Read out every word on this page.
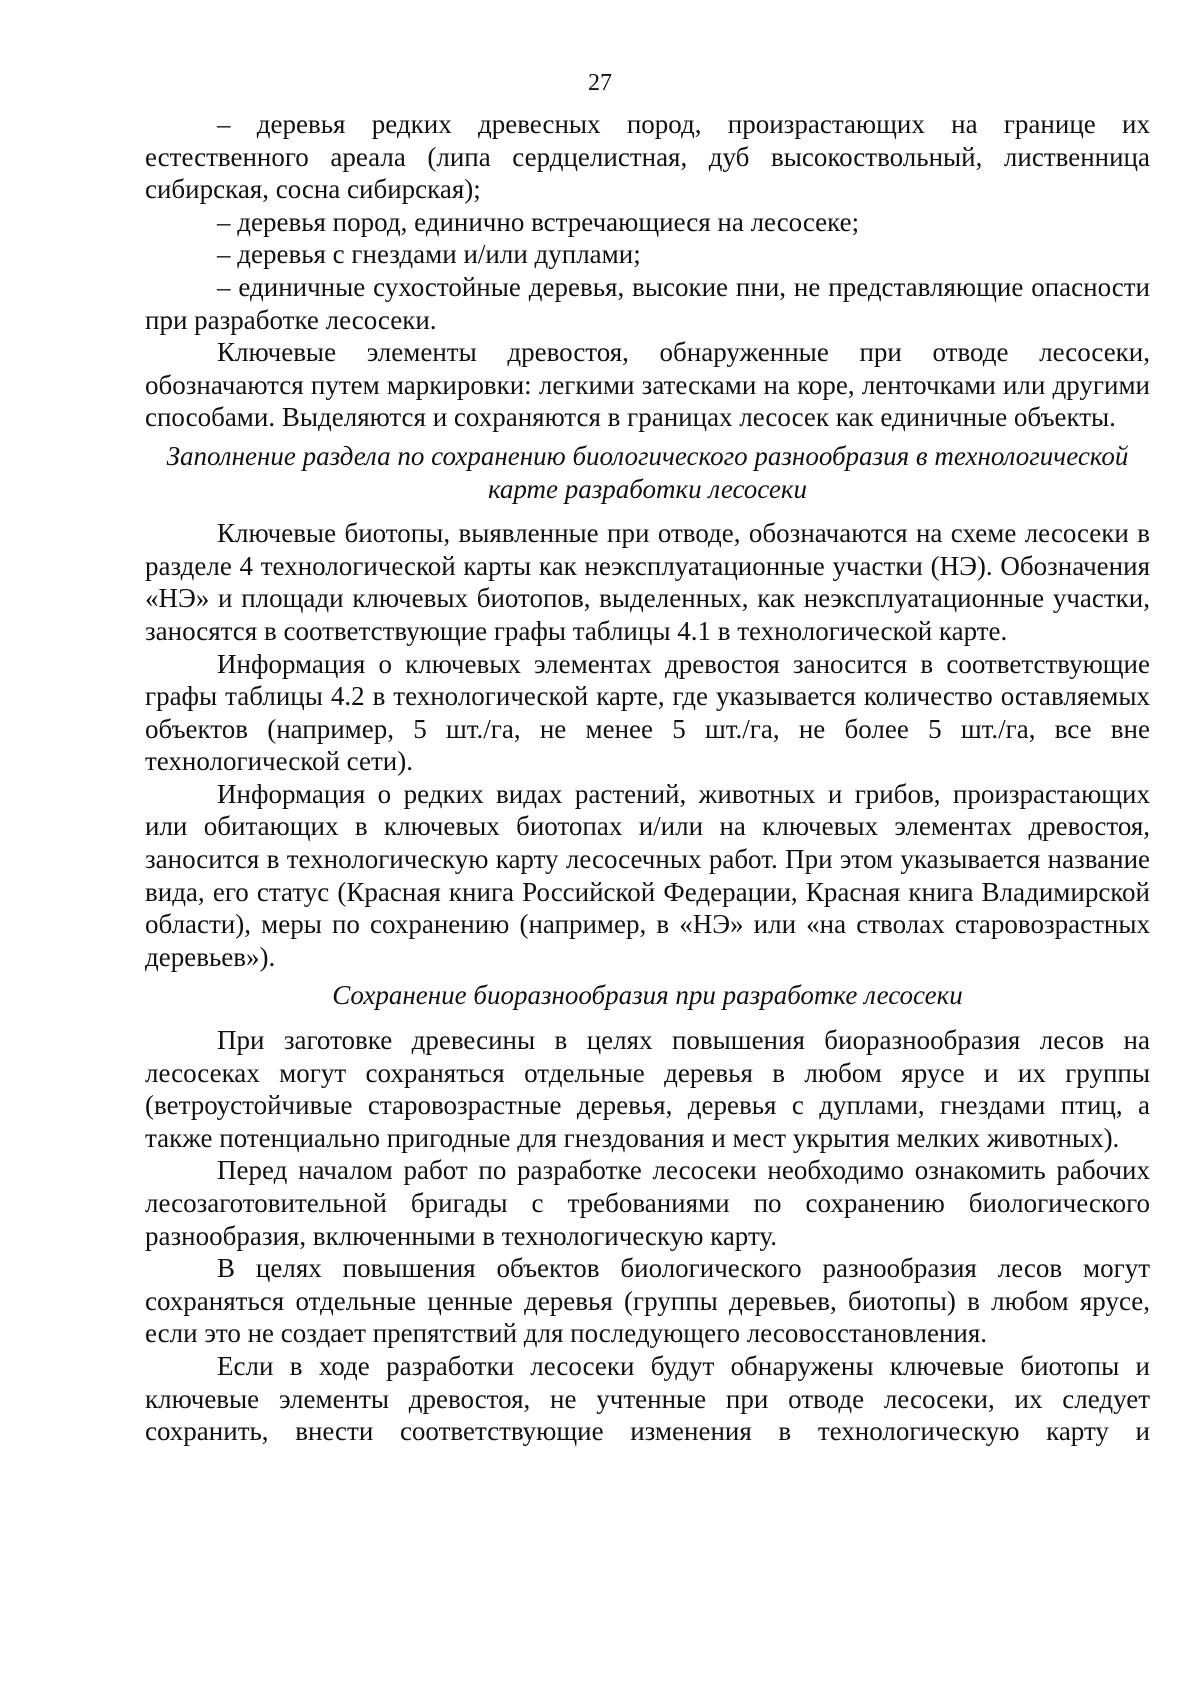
27

– деревья редких древесных пород, произрастающих на границе их естественного ареала (липа сердцелистная, дуб высокоствольный, лиственница сибирская, сосна сибирская);

– деревья пород, единично встречающиеся на лесосеке;

– деревья с гнездами и/или дуплами;

– единичные сухостойные деревья, высокие пни, не представляющие опасности при разработке лесосеки.

Ключевые элементы древостоя, обнаруженные при отводе лесосеки, обозначаются путем маркировки: легкими затесками на коре, ленточками или другими способами. Выделяются и сохраняются в границах лесосек как единичные объекты.

Заполнение раздела по сохранению биологического разнообразия в технологической карте разработки лесосеки

Ключевые биотопы, выявленные при отводе, обозначаются на схеме лесосеки в разделе 4 технологической карты как неэксплуатационные участки (НЭ). Обозначения «НЭ» и площади ключевых биотопов, выделенных, как неэксплуатационные участки, заносятся в соответствующие графы таблицы 4.1 в технологической карте.

Информация о ключевых элементах древостоя заносится в соответствующие графы таблицы 4.2 в технологической карте, где указывается количество оставляемых объектов (например, 5 шт./га, не менее 5 шт./га, не более 5 шт./га, все вне технологической сети).

Информация о редких видах растений, животных и грибов, произрастающих или обитающих в ключевых биотопах и/или на ключевых элементах древостоя, заносится в технологическую карту лесосечных работ. При этом указывается название вида, его статус (Красная книга Российской Федерации, Красная книга Владимирской области), меры по сохранению (например, в «НЭ» или «на стволах старовозрастных деревьев»).

Сохранение биоразнообразия при разработке лесосеки

При заготовке древесины в целях повышения биоразнообразия лесов на лесосеках могут сохраняться отдельные деревья в любом ярусе и их группы (ветроустойчивые старовозрастные деревья, деревья с дуплами, гнездами птиц, а также потенциально пригодные для гнездования и мест укрытия мелких животных).

Перед началом работ по разработке лесосеки необходимо ознакомить рабочих лесозаготовительной бригады с требованиями по сохранению биологического разнообразия, включенными в технологическую карту.

В целях повышения объектов биологического разнообразия лесов могут сохраняться отдельные ценные деревья (группы деревьев, биотопы) в любом ярусе, если это не создает препятствий для последующего лесовосстановления.

Если в ходе разработки лесосеки будут обнаружены ключевые биотопы и ключевые элементы древостоя, не учтенные при отводе лесосеки, их следует сохранить, внести соответствующие изменения в технологическую карту и
